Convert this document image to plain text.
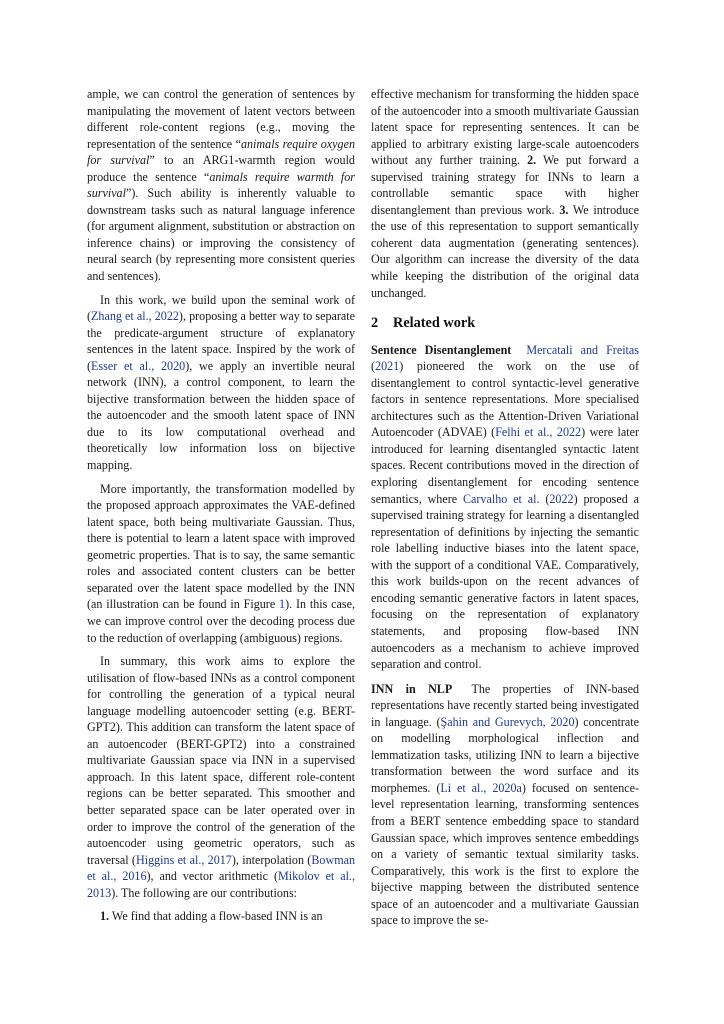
ample, we can control the generation of sentences by manipulating the movement of latent vectors between different role-content regions (e.g., moving the representation of the sentence “animals require oxygen for survival” to an ARG1-warmth region would produce the sentence “animals require warmth for survival”). Such ability is inherently valuable to downstream tasks such as natural language inference (for argument alignment, substitution or abstraction on inference chains) or improving the consistency of neural search (by representing more consistent queries and sentences).

In this work, we build upon the seminal work of (Zhang et al., 2022), proposing a better way to separate the predicate-argument structure of explanatory sentences in the latent space. Inspired by the work of (Esser et al., 2020), we apply an invertible neural network (INN), a control component, to learn the bijective transformation between the hidden space of the autoencoder and the smooth latent space of INN due to its low computational overhead and theoretically low information loss on bijective mapping.

More importantly, the transformation modelled by the proposed approach approximates the VAE-defined latent space, both being multivariate Gaussian. Thus, there is potential to learn a latent space with improved geometric properties. That is to say, the same semantic roles and associated content clusters can be better separated over the latent space modelled by the INN (an illustration can be found in Figure 1). In this case, we can improve control over the decoding process due to the reduction of overlapping (ambiguous) regions.

In summary, this work aims to explore the utilisation of flow-based INNs as a control component for controlling the generation of a typical neural language modelling autoencoder setting (e.g. BERT-GPT2). This addition can transform the latent space of an autoencoder (BERT-GPT2) into a constrained multivariate Gaussian space via INN in a supervised approach. In this latent space, different role-content regions can be better separated. This smoother and better separated space can be later operated over in order to improve the control of the generation of the autoencoder using geometric operators, such as traversal (Higgins et al., 2017), interpolation (Bowman et al., 2016), and vector arithmetic (Mikolov et al., 2013). The following are our contributions:

1. We find that adding a flow-based INN is an

effective mechanism for transforming the hidden space of the autoencoder into a smooth multivariate Gaussian latent space for representing sentences. It can be applied to arbitrary existing large-scale autoencoders without any further training. 2. We put forward a supervised training strategy for INNs to learn a controllable semantic space with higher disentanglement than previous work. 3. We introduce the use of this representation to support semantically coherent data augmentation (generating sentences). Our algorithm can increase the diversity of the data while keeping the distribution of the original data unchanged.

2 Related work

Sentence Disentanglement Mercatali and Freitas (2021) pioneered the work on the use of disentanglement to control syntactic-level generative factors in sentence representations. More specialised architectures such as the Attention-Driven Variational Autoencoder (ADVAE) (Felhi et al., 2022) were later introduced for learning disentangled syntactic latent spaces. Recent contributions moved in the direction of exploring disentanglement for encoding sentence semantics, where Carvalho et al. (2022) proposed a supervised training strategy for learning a disentangled representation of definitions by injecting the semantic role labelling inductive biases into the latent space, with the support of a conditional VAE. Comparatively, this work builds-upon on the recent advances of encoding semantic generative factors in latent spaces, focusing on the representation of explanatory statements, and proposing flow-based INN autoencoders as a mechanism to achieve improved separation and control.

INN in NLP The properties of INN-based representations have recently started being investigated in language. (Şahin and Gurevych, 2020) concentrate on modelling morphological inflection and lemmatization tasks, utilizing INN to learn a bijective transformation between the word surface and its morphemes. (Li et al., 2020a) focused on sentence-level representation learning, transforming sentences from a BERT sentence embedding space to standard Gaussian space, which improves sentence embeddings on a variety of semantic textual similarity tasks. Comparatively, this work is the first to explore the bijective mapping between the distributed sentence space of an autoencoder and a multivariate Gaussian space to improve the se-
